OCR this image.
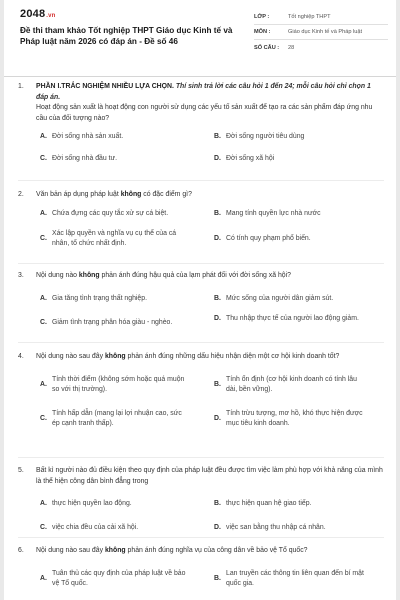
2048.vn
Đề thi tham khảo Tốt nghiệp THPT Giáo dục Kinh tế và Pháp luật năm 2026 có đáp án - Đề số 46
LỚP :	Tốt nghiệp THPT
MÔN :	Giáo dục Kinh tế và Pháp luật
SỐ CÂU :	28
1.	PHẦN I.TRẮC NGHIỆM NHIỀU LỰA CHỌN. Thí sinh trả lời các câu hỏi 1 đến 24; mỗi câu hỏi chỉ chọn 1 đáp án.
Hoạt động sản xuất là hoạt động con người sử dụng các yếu tố sản xuất để tạo ra các sản phẩm đáp ứng nhu cầu của đối tượng nào?
A. Đời sống nhà sản xuất.	B. Đời sống người tiêu dùng
C. Đời sống nhà đầu tư.	D. Đời sống xã hội
2.	Văn bản áp dụng pháp luật không có đặc điểm gì?
A. Chứa đựng các quy tắc xử sự cá biệt.	B. Mang tính quyền lực nhà nước
C.
Xác lập quyền và nghĩa vụ cụ thể của cá nhân, tổ chức nhất định.
D. Có tính quy phạm phổ biến.
3.	Nội dung nào không phản ánh đúng hậu quả của lạm phát đối với đời sống xã hội?
A. Gia tăng tình trạng thất nghiệp.	B. Mức sống của người dân giảm sút.
C. Giảm tình trạng phân hóa giàu - nghèo.
D. Thu nhập thực tế của người lao động giảm.
4.	Nội dung nào sau đây không phản ánh đúng những dấu hiệu nhận diện một cơ hội kinh doanh tốt?
A.
Tính thời điểm (không sớm hoặc quá muộn so với thị trường).
B.
Tính ổn định (cơ hội kinh doanh có tính lâu dài, bền vững).
C.
Tính hấp dẫn (mang lại lợi nhuận cao, sức ép cạnh tranh thấp).
D.
Tính trừu tượng, mơ hồ, khó thực hiện được mục tiêu kinh doanh.
5.	Bất kì người nào đủ điều kiện theo quy định của pháp luật đều được tìm việc làm phù hợp với khả năng của mình là thể hiện công dân bình đẳng trong
A. thực hiện quyền lao động.	B. thực hiện quan hệ giao tiếp.
C. việc chia đều của cải xã hội.	D. việc san bằng thu nhập cá nhân.
6.	Nội dung nào sau đây không phản ánh đúng nghĩa vụ của công dân về bảo vệ Tổ quốc?
A.
Tuân thủ các quy định của pháp luật về bảo vệ Tổ quốc.
B.
Lan truyền các thông tin liên quan đến bí mật quốc gia.
